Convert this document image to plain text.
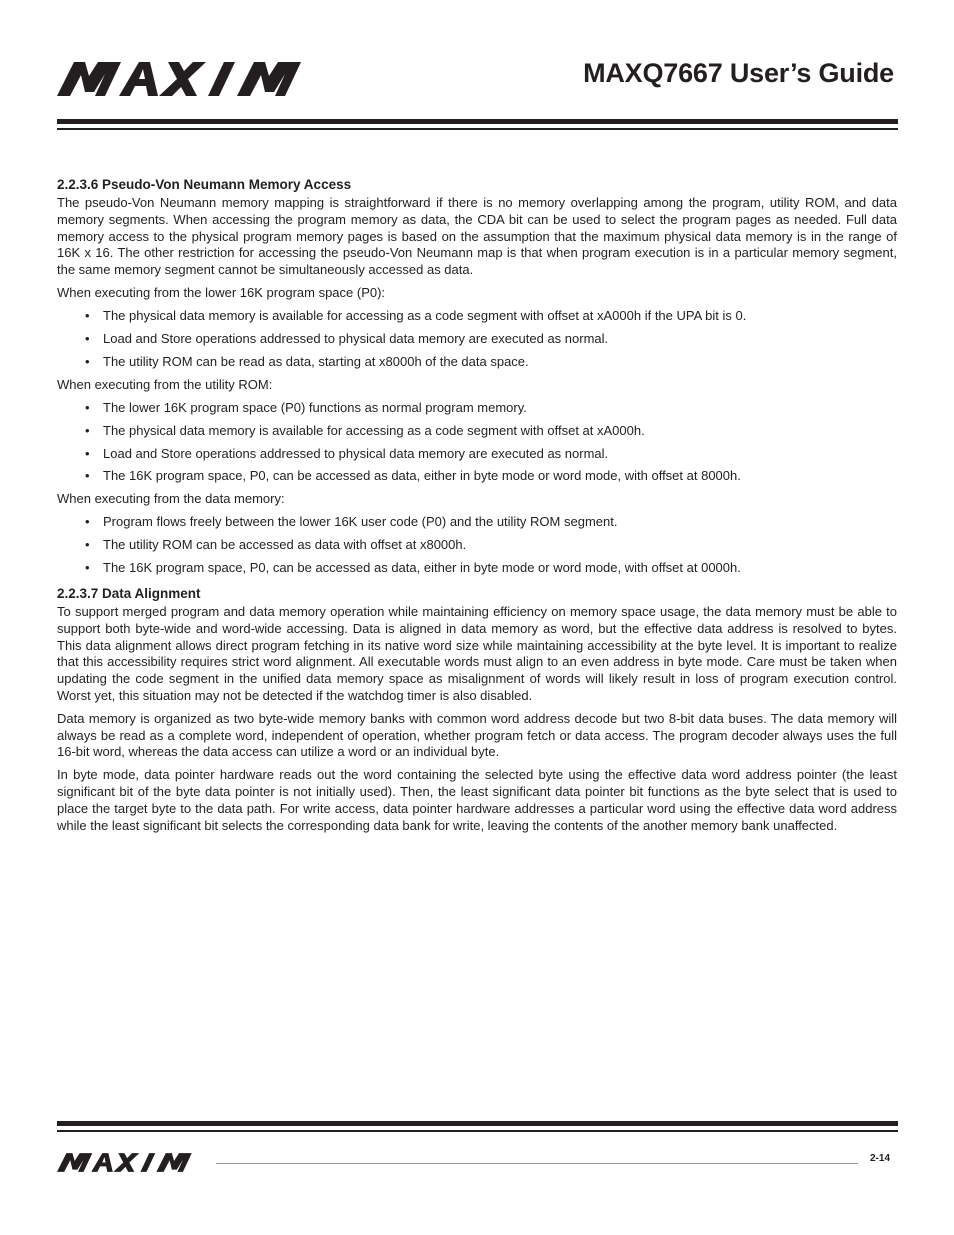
MAXQ7667 User’s Guide
2.2.3.6 Pseudo-Von Neumann Memory Access

The pseudo-Von Neumann memory mapping is straightforward if there is no memory overlapping among the program, utility ROM, and data memory segments. When accessing the program memory as data, the CDA bit can be used to select the program pages as needed. Full data memory access to the physical program memory pages is based on the assumption that the maximum physical data memory is in the range of 16K x 16. The other restriction for accessing the pseudo-Von Neumann map is that when program execution is in a particular memory segment, the same memory segment cannot be simultaneously accessed as data.

When executing from the lower 16K program space (P0):

• The physical data memory is available for accessing as a code segment with offset at xA000h if the UPA bit is 0.
• Load and Store operations addressed to physical data memory are executed as normal.
• The utility ROM can be read as data, starting at x8000h of the data space.

When executing from the utility ROM:

• The lower 16K program space (P0) functions as normal program memory.
• The physical data memory is available for accessing as a code segment with offset at xA000h.
• Load and Store operations addressed to physical data memory are executed as normal.
• The 16K program space, P0, can be accessed as data, either in byte mode or word mode, with offset at 8000h.

When executing from the data memory:

• Program flows freely between the lower 16K user code (P0) and the utility ROM segment.
• The utility ROM can be accessed as data with offset at x8000h.
• The 16K program space, P0, can be accessed as data, either in byte mode or word mode, with offset at 0000h.
2.2.3.7 Data Alignment

To support merged program and data memory operation while maintaining efficiency on memory space usage, the data memory must be able to support both byte-wide and word-wide accessing. Data is aligned in data memory as word, but the effective data address is resolved to bytes. This data alignment allows direct program fetching in its native word size while maintaining accessibility at the byte level. It is important to realize that this accessibility requires strict word alignment. All executable words must align to an even address in byte mode. Care must be taken when updating the code segment in the unified data memory space as misalignment of words will likely result in loss of program execution control. Worst yet, this situation may not be detected if the watchdog timer is also disabled.

Data memory is organized as two byte-wide memory banks with common word address decode but two 8-bit data buses. The data memory will always be read as a complete word, independent of operation, whether program fetch or data access. The program decoder always uses the full 16-bit word, whereas the data access can utilize a word or an individual byte.

In byte mode, data pointer hardware reads out the word containing the selected byte using the effective data word address pointer (the least significant bit of the byte data pointer is not initially used). Then, the least significant data pointer bit functions as the byte select that is used to place the target byte to the data path. For write access, data pointer hardware addresses a particular word using the effective data word address while the least significant bit selects the corresponding data bank for write, leaving the contents of the another memory bank unaffected.

2-14
